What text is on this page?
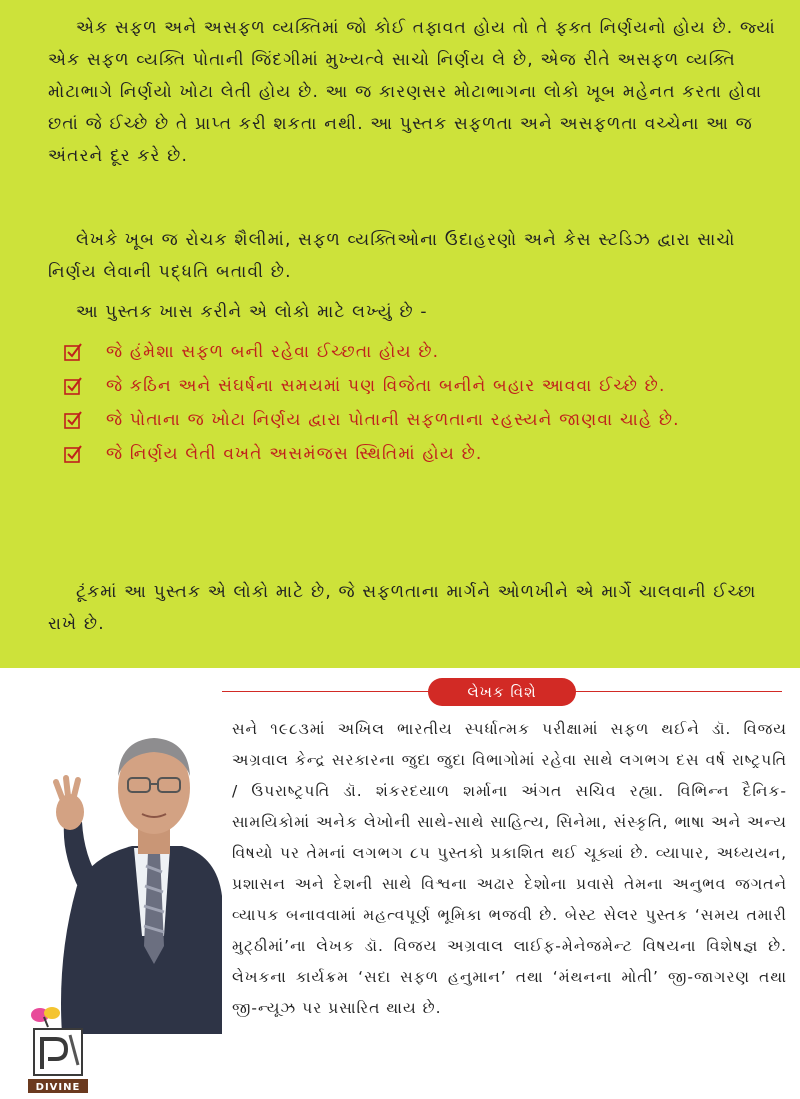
એક સફળ અને અસફળ વ્યક્તિમાં જો કોઈ તફાવત હોય તો તે ફક્ત નિર્ણયનો હોય છે. જ્યાં એક સફળ વ્યક્તિ પોતાની જિંદગીમાં મુખ્યત્વે સાચો નિર્ણય લે છે, એજ રીતે અસફળ વ્યક્તિ મોટાભાગે નિર્ણયો ખોટા લેતી હોય છે. આ જ કારણસર મોટાભાગના લોકો ખૂબ મહેનત કરતા હોવા છતાં જે ઈચ્છે છે તે પ્રાપ્ત કરી શકતા નથી. આ પુસ્તક સફળતા અને અસફળતા વચ્ચેના આ જ અંતરને દૂર કરે છે.

લેખકે ખૂબ જ રોચક શૈલીમાં, સફળ વ્યક્તિઓના ઉદાહરણો અને કેસ સ્ટડિઝ દ્વારા સાચો નિર્ણય લેવાની પદ્ધતિ બતાવી છે.

આ પુસ્તક ખાસ કરીને એ લોકો માટે લખ્યું છે -

જે હંમેશા સફળ બની રહેવા ઈચ્છતા હોય છે.
જે કઠિન અને સંઘર્ષના સમયમાં પણ વિજેતા બનીને બહાર આવવા ઈચ્છે છે.
જે પોતાના જ ખોટા નિર્ણય દ્વારા પોતાની સફળતાના રહસ્યને જાણવા ચાહે છે.
જે નિર્ણય લેતી વખતે અસમંજસ સ્થિતિમાં હોય છે.

ટૂંકમાં આ પુસ્તક એ લોકો માટે છે, જે સફળતાના માર્ગને ઓળખીને એ માર્ગે ચાલવાની ઈચ્છા રાખે છે.

લેખક વિશે
DIVINE

સને ૧૯૮૩માં અખિલ ભારતીય સ્પર્ધાત્મક પરીક્ષામાં સફળ થઈને ડૉ. વિજય અગ્રવાલ કેન્દ્ર સરકારના જુદા જુદા વિભાગોમાં રહેવા સાથે લગભગ દસ વર્ષ રાષ્ટ્રપતિ / ઉપરાષ્ટ્રપતિ ડૉ. શંકરદયાળ શર્માના અંગત સચિવ રહ્યા. વિભિન્ન દૈનિક-સામયિકોમાં અનેક લેખોની સાથે-સાથે સાહિત્ય, સિનેમા, સંસ્કૃતિ, ભાષા અને અન્ય વિષયો પર તેમનાં લગભગ ૮૫ પુસ્તકો પ્રકાશિત થઈ ચૂક્યાં છે. વ્યાપાર, અધ્યયન, પ્રશાસન અને દેશની સાથે વિશ્વના અઢાર દેશોના પ્રવાસે તેમના અનુભવ જગતને વ્યાપક બનાવવામાં મહત્વપૂર્ણ ભૂમિકા ભજવી છે. બેસ્ટ સેલર પુસ્તક ‘સમય તમારી મુટ્ઠીમાં’ના લેખક ડૉ. વિજય અગ્રવાલ લાઈફ-મેનેજમેન્ટ વિષયના વિશેષજ્ઞ છે. લેખકના કાર્યક્રમ ‘સદા સફળ હનુમાન’ તથા ‘મંથનના મોતી’ જી-જાગરણ તથા જી-ન્યૂઝ પર પ્રસારિત થાય છે.
